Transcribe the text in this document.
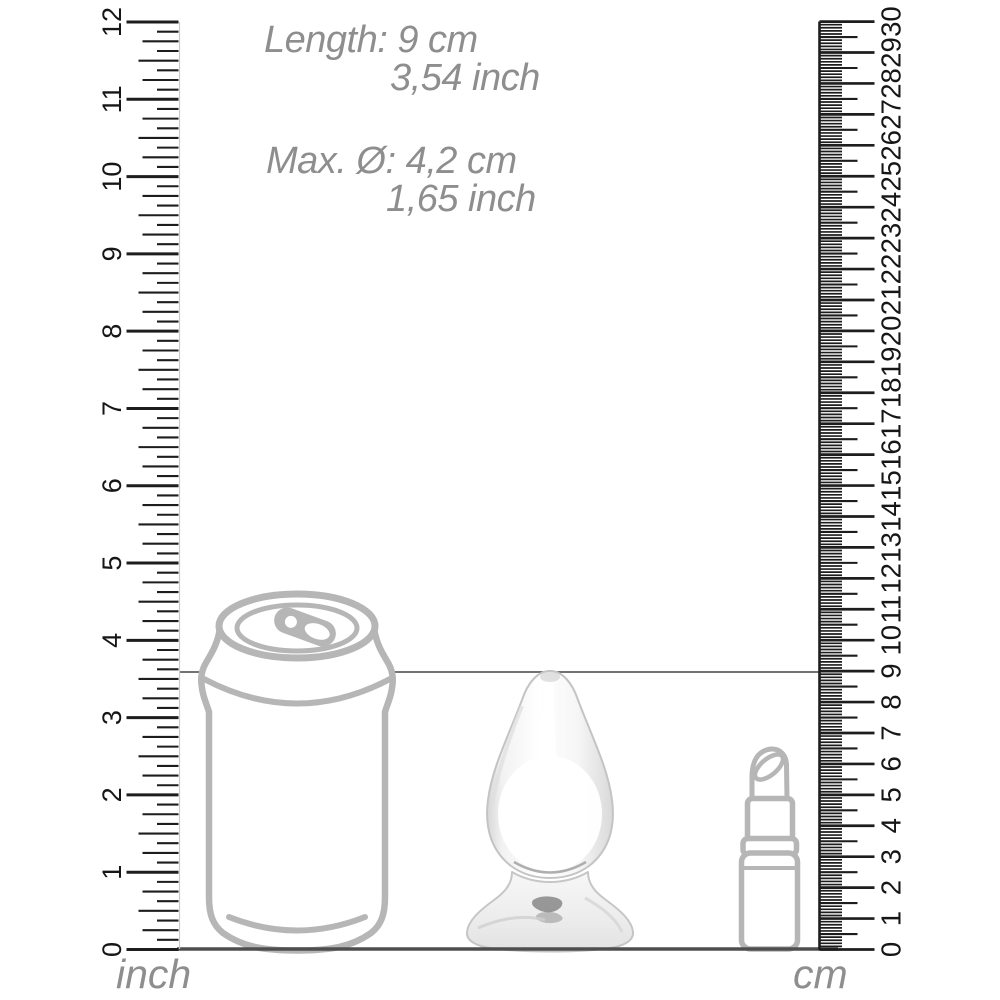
0
1
2
3
4
5
6
7
8
9
10
11
12
0
1
2
3
4
5
6
7
8
9
10
11
12
13
14
15
16
17
18
19
20
21
22
23
24
25
26
27
28
29
30
Length: 9 cm
3,54 inch
Max. Ø: 4,2 cm
1,65 inch
inch	cm
